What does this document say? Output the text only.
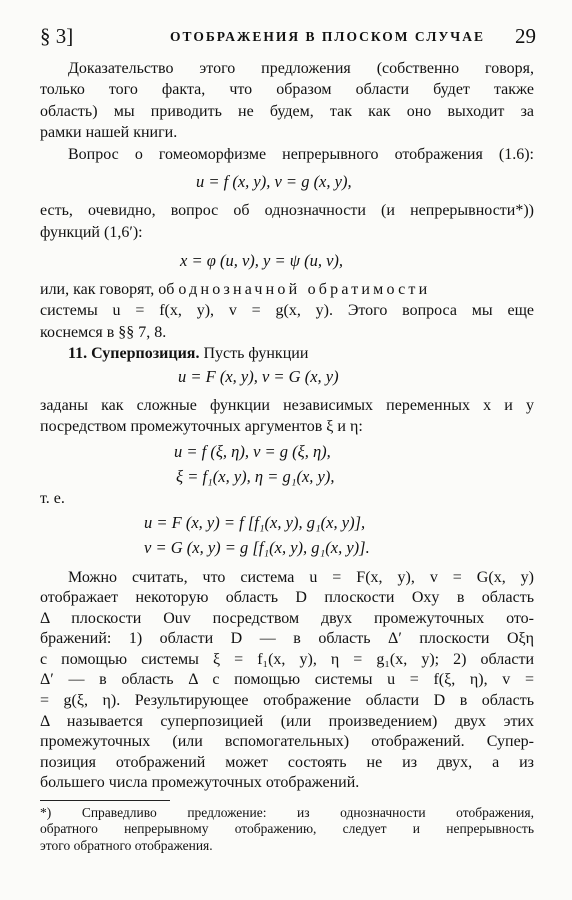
§ 3]	ОТОБРАЖЕНИЯ В ПЛОСКОМ СЛУЧАЕ 29
Доказательство этого предложения (собственно говоря,
только того факта, что образом области будет также
область) мы приводить не будем, так как оно выходит за
рамки нашей книги.
Вопрос о гомеоморфизме непрерывного отображения (1.6):
u = f (x, y), v = g (x, y),
есть, очевидно, вопрос об однозначности (и непрерывности*))
функций (1,6′):
x = φ (u, v), y = ψ (u, v),
или, как говорят, об однозначной обратимости
системы u = f(x, y), v = g(x, y). Этого вопроса мы еще
коснемся в §§ 7, 8.
11. Суперпозиция. Пусть функции
u = F (x, y), v = G (x, y)
заданы как сложные функции независимых переменных x и y
посредством промежуточных аргументов ξ и η:
u = f (ξ, η), v = g (ξ, η),
ξ = f₁(x, y), η = g₁(x, y),
т. е.
u = F (x, y) = f [f₁(x, y), g₁(x, y)],
v = G (x, y) = g [f₁(x, y), g₁(x, y)].
Можно считать, что система u = F(x, y), v = G(x, y)
отображает некоторую область D плоскости Oxy в область
Δ плоскости Ouv посредством двух промежуточных ото-
бражений: 1) области D — в область Δ′ плоскости Oξη
с помощью системы ξ = f₁(x, y), η = g₁(x, y); 2) области
Δ′ — в область Δ с помощью системы u = f(ξ, η), v =
= g(ξ, η). Результирующее отображение области D в область
Δ называется суперпозицией (или произведением) двух этих
промежуточных (или вспомогательных) отображений. Супер-
позиция отображений может состоять не из двух, а из
большего числа промежуточных отображений.
*) Справедливо предложение: из однозначности отображения,
обратного непрерывному отображению, следует и непрерывность
этого обратного отображения.
